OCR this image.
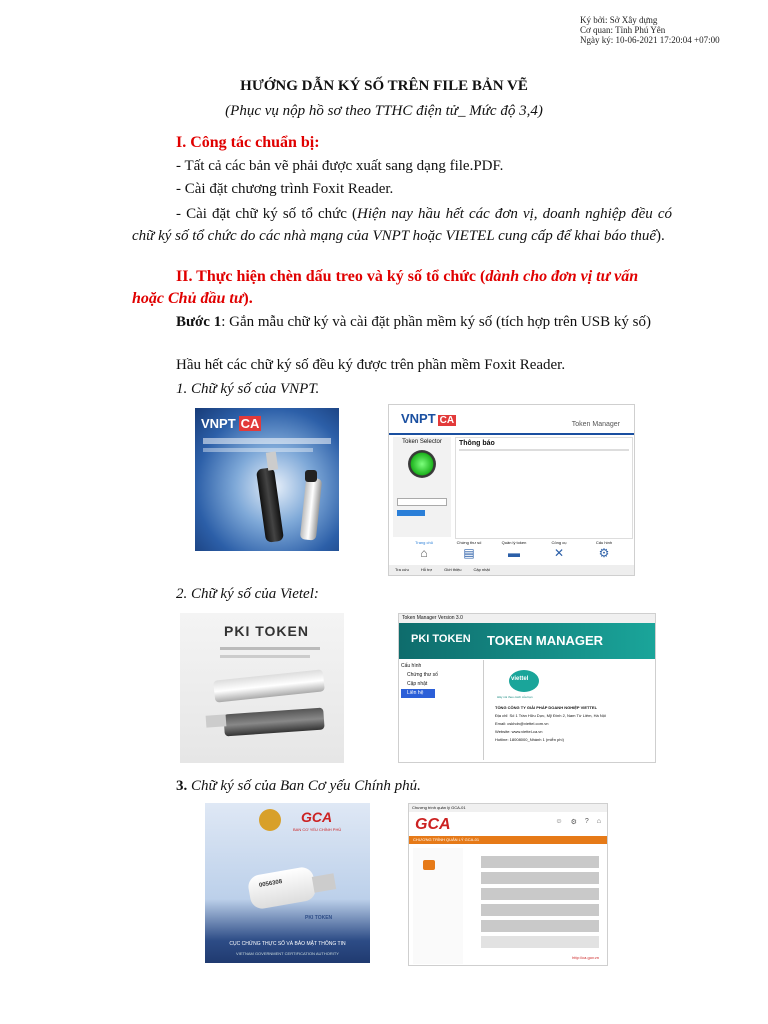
Ký bởi: Sở Xây dựng
Cơ quan: Tỉnh Phú Yên
Ngày ký: 10-06-2021 17:20:04 +07:00
HƯỚNG DẪN KÝ SỐ TRÊN FILE BẢN VẼ
(Phục vụ nộp hồ sơ theo TTHC điện tử_ Mức độ 3,4)
I. Công tác chuẩn bị:
- Tất cả các bản vẽ phải được xuất sang dạng file.PDF.
- Cài đặt chương trình Foxit Reader.
- Cài đặt chữ ký số tổ chức (Hiện nay hầu hết các đơn vị, doanh nghiệp đều có chữ ký số tổ chức do các nhà mạng của VNPT hoặc VIETEL cung cấp để khai báo thuế).
II. Thực hiện chèn dấu treo và ký số tổ chức (dành cho đơn vị tư vấn hoặc Chủ đầu tư).
Bước 1: Gắn mẫu chữ ký và cài đặt phần mềm ký số (tích hợp trên USB ký số)
Hầu hết các chữ ký số đều ký được trên phần mềm Foxit Reader.
1. Chữ ký số của VNPT.
VNPT CA	VNPT CA	Token Manager
Token Selector	Thông báo
Trang chủ
⌂
Chứng thư số
▤
Quản lý token
▬
Công cụ
✕
Cấu hình
⚙
Tra cứu	Hỗ trợ	Giới thiệu	Cập nhật
2. Chữ ký số của Vietel:
PKI TOKEN
Token Manager Version 3.0
PKI TOKEN TOKEN MANAGER
Cấu hình
Chứng thư số
Cập nhật
Liên hệ
viettel
Hãy nói theo cách của bạn
TỔNG CÔNG TY GIẢI PHÁP DOANH NGHIỆP VIETTEL
Địa chỉ: Số 1 Trần Hữu Dực, Mỹ Đình 2, Nam Từ Liêm, Hà Nội
Email: cskhdn@viettel.com.vn
Website: www.viettel-ca.vn
Hotline: 18008000_Nhánh 1 (miễn phí)
3. Chữ ký số của Ban Cơ yếu Chính phủ.
GCA
BAN CƠ YẾU CHÍNH PHỦ
0056308
PKI TOKEN
CỤC CHỨNG THỰC SỐ VÀ BẢO MẬT THÔNG TIN
VIETNAM GOVERNMENT CERTIFICATION AUTHORITY
Chương trình quản lý GCA-01
GCA	☺ ⚙ ? ⌂
CHƯƠNG TRÌNH QUẢN LÝ GCA-01
http://ca.gov.vn
